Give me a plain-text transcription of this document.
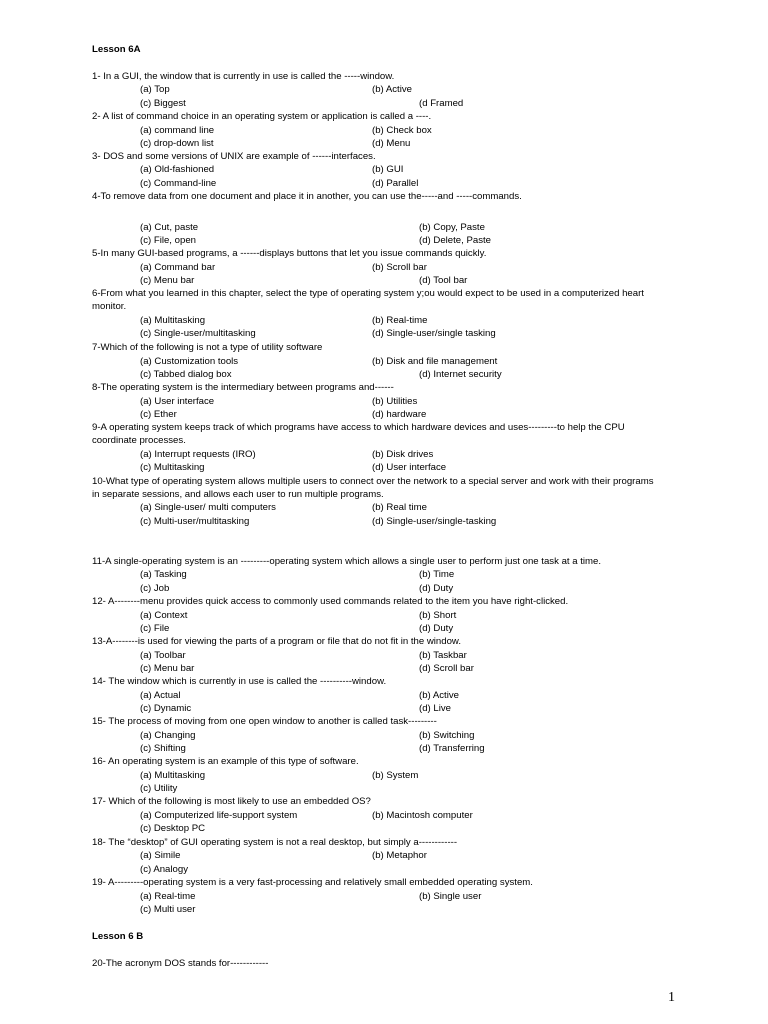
Lesson 6A
1- In a GUI, the window that is currently in use is called the -----window.
(a) Top	(b) Active
(c) Biggest	(d Framed
2- A list of command choice in an operating system or application is called a ----.
(a) command line	(b) Check box
(c) drop-down list	(d) Menu
3- DOS and some versions of UNIX are example of ------interfaces.
(a) Old-fashioned	(b) GUI
(c) Command-line	(d) Parallel
4-To remove data from one document and place it in another, you can use the-----and -----commands.
(a) Cut, paste	(b) Copy, Paste
(c) File, open	(d) Delete, Paste
5-In many GUI-based programs, a ------displays buttons that let you issue commands quickly.
(a) Command bar	(b) Scroll bar
(c) Menu bar	(d) Tool bar
6-From what you learned in this chapter, select the type of operating system y;ou would expect to be used in a computerized heart monitor.
(a) Multitasking	(b) Real-time
(c) Single-user/multitasking	(d) Single-user/single tasking
7-Which of the following is not a type of utility software
(a) Customization tools	(b) Disk and file management
(c) Tabbed dialog box	(d) Internet security
8-The operating system is the intermediary between programs and------
(a) User interface	(b) Utilities
(c) Ether	(d) hardware
9-A operating system keeps track of which programs have access to which hardware devices and uses---------to help the CPU coordinate processes.
(a) Interrupt requests (IRO)	(b) Disk drives
(c) Multitasking	(d) User interface
10-What type of operating system allows multiple users to connect over the network to a special server and work with their programs in separate sessions, and allows each user to run multiple programs.
(a) Single-user/ multi computers	(b) Real time
(c) Multi-user/multitasking	(d) Single-user/single-tasking
11-A single-operating system is an ---------operating system which allows a single user to perform just one task at a time.
(a) Tasking	(b) Time
(c) Job	(d) Duty
12- A--------menu provides quick access to commonly used commands related to the item you have right-clicked.
(a) Context	(b) Short
(c) File	(d) Duty
13-A--------is used for viewing the parts of a program or file that do not fit in the window.
(a) Toolbar	(b) Taskbar
(c) Menu bar	(d) Scroll bar
14- The window which is currently in use is called the ----------window.
(a) Actual	(b) Active
(c) Dynamic	(d) Live
15- The process of moving from one open window to another is called task---------
(a) Changing	(b) Switching
(c) Shifting	(d) Transferring
16- An operating system is an example of this type of software.
(a) Multitasking	(b) System
(c) Utility
17- Which of the following is most likely to use an embedded OS?
(a) Computerized life-support system	(b) Macintosh computer
(c) Desktop PC
18- The “desktop” of GUI operating system is not a real desktop, but simply a------------
(a) Simile	(b) Metaphor
(c) Analogy
19- A---------operating system is a very fast-processing and relatively small embedded operating system.
(a) Real-time	(b) Single user
(c) Multi user
Lesson 6 B
20-The acronym DOS stands for------------
1
